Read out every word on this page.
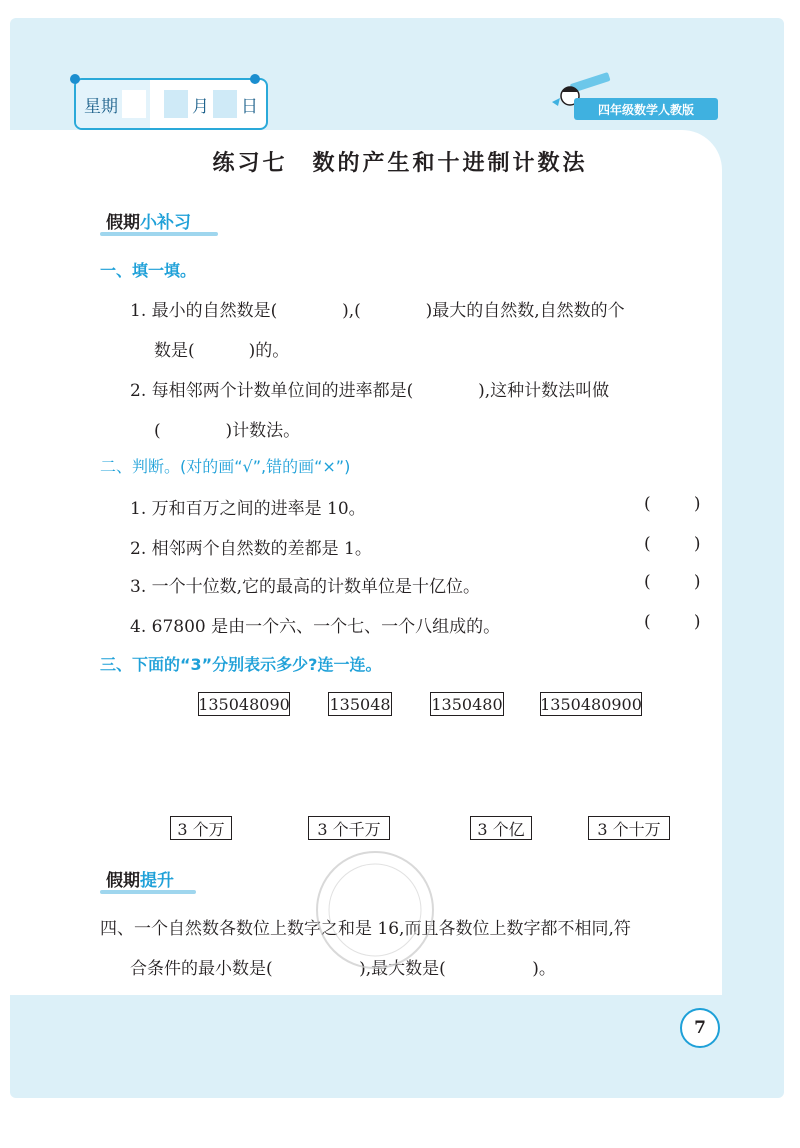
星期	月 日	四年级数学人教版
练习七　数的产生和十进制计数法
假期 小补习
一、填一填。
1. 最小的自然数是(            ),(            )最大的自然数,自然数的个
数是(          )的。
2. 每相邻两个计数单位间的进率都是(            ),这种计数法叫做
(            )计数法。
二、判断。(对的画“√”,错的画“×”)
1. 万和百万之间的进率是 10。	(        )
2. 相邻两个自然数的差都是 1。	(        )
3. 一个十位数,它的最高的计数单位是十亿位。	(        )
4. 67800 是由一个六、一个七、一个八组成的。	(        )
三、下面的“3”分别表示多少?连一连。
135048090 135048	1350480 1350480900
3 个万	3 个千万	3 个亿	3 个十万
假期 提升
四、一个自然数各数位上数字之和是 16,而且各数位上数字都不相同,符
合条件的最小数是(                ),最大数是(                )。
7
